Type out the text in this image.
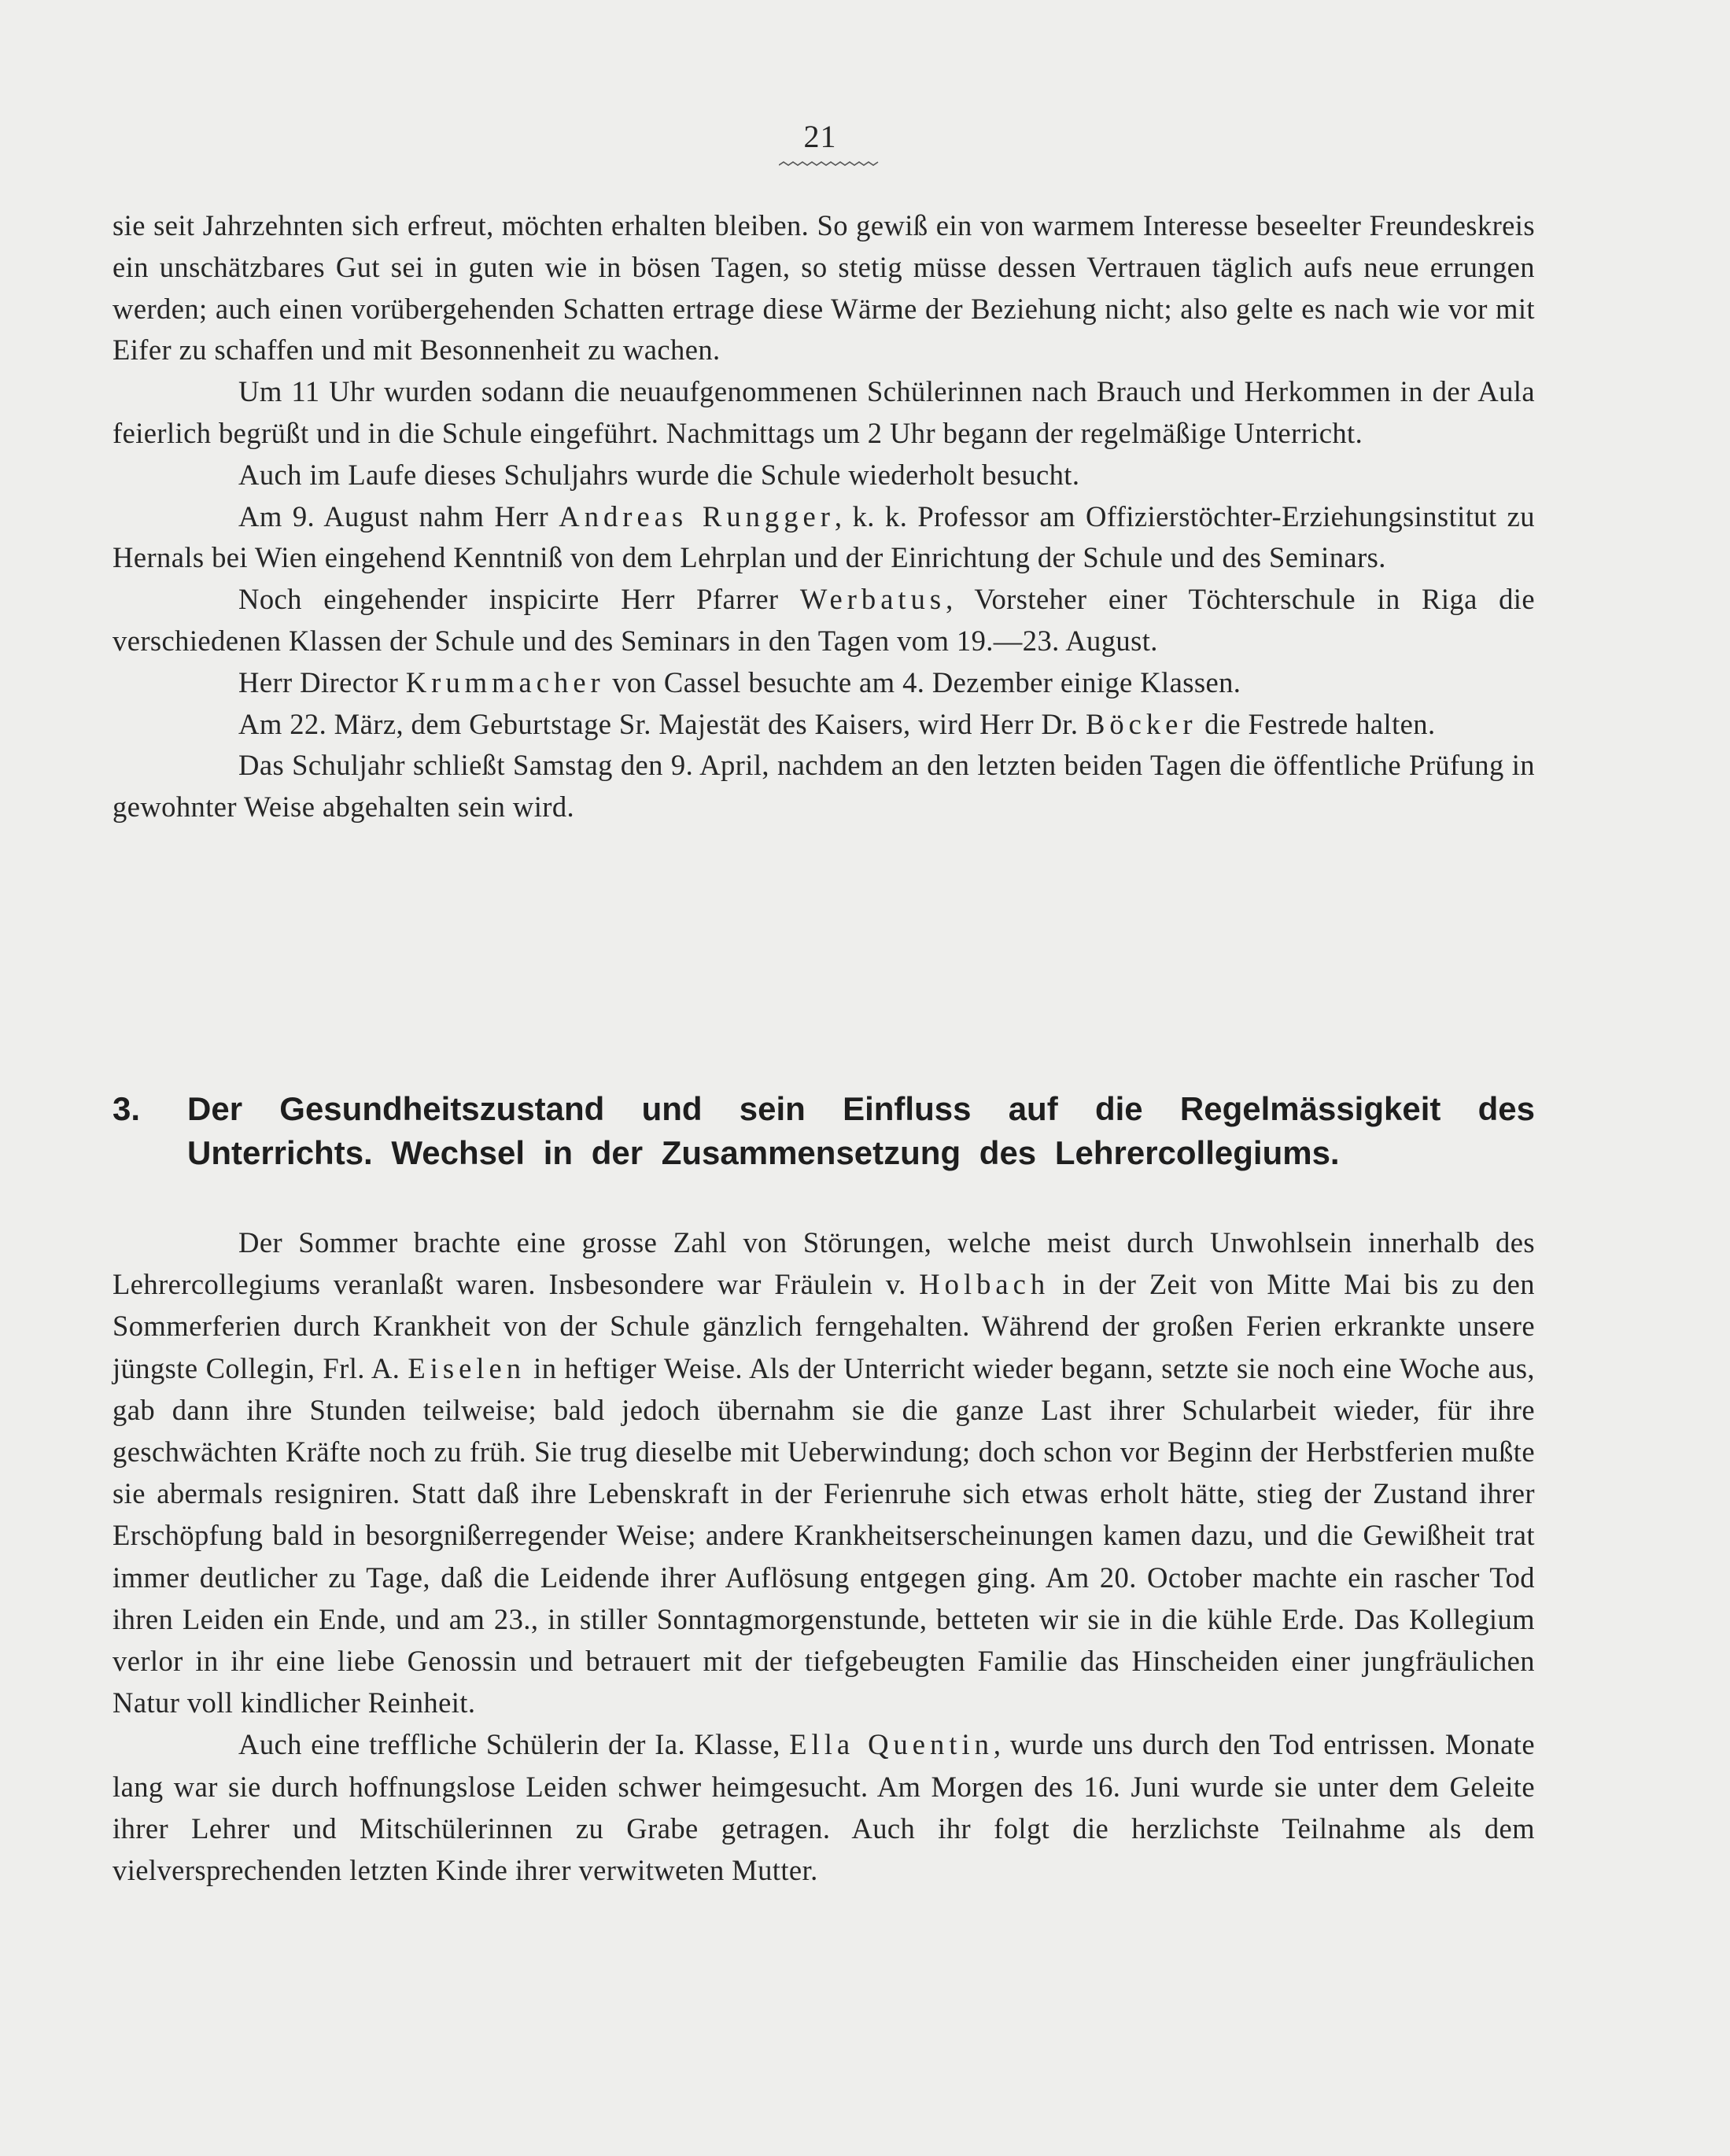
21

sie seit Jahrzehnten sich erfreut, möchten erhalten bleiben. So gewiß ein von warmem Interesse beseelter Freundeskreis ein unschätzbares Gut sei in guten wie in bösen Tagen, so stetig müsse dessen Vertrauen täglich aufs neue errungen werden; auch einen vorübergehenden Schatten ertrage diese Wärme der Beziehung nicht; also gelte es nach wie vor mit Eifer zu schaffen und mit Besonnenheit zu wachen.

Um 11 Uhr wurden sodann die neuaufgenommenen Schülerinnen nach Brauch und Herkommen in der Aula feierlich begrüßt und in die Schule eingeführt. Nachmittags um 2 Uhr begann der regelmäßige Unterricht.

Auch im Laufe dieses Schuljahrs wurde die Schule wiederholt besucht.

Am 9. August nahm Herr Andreas Rungger, k. k. Professor am Offizierstöchter-Erziehungsinstitut zu Hernals bei Wien eingehend Kenntniß von dem Lehrplan und der Einrichtung der Schule und des Seminars.

Noch eingehender inspicirte Herr Pfarrer Werbatus, Vorsteher einer Töchterschule in Riga die verschiedenen Klassen der Schule und des Seminars in den Tagen vom 19.—23. August.

Herr Director Krummacher von Cassel besuchte am 4. Dezember einige Klassen.

Am 22. März, dem Geburtstage Sr. Majestät des Kaisers, wird Herr Dr. Böcker die Festrede halten.

Das Schuljahr schließt Samstag den 9. April, nachdem an den letzten beiden Tagen die öffentliche Prüfung in gewohnter Weise abgehalten sein wird.

3. Der Gesundheitszustand und sein Einfluss auf die Regelmässigkeit des Unterrichts. Wechsel in der Zusammensetzung des Lehrercollegiums.

Der Sommer brachte eine grosse Zahl von Störungen, welche meist durch Unwohlsein innerhalb des Lehrercollegiums veranlaßt waren. Insbesondere war Fräulein v. Holbach in der Zeit von Mitte Mai bis zu den Sommerferien durch Krankheit von der Schule gänzlich ferngehalten. Während der großen Ferien erkrankte unsere jüngste Collegin, Frl. A. Eiselen in heftiger Weise. Als der Unterricht wieder begann, setzte sie noch eine Woche aus, gab dann ihre Stunden teilweise; bald jedoch übernahm sie die ganze Last ihrer Schularbeit wieder, für ihre geschwächten Kräfte noch zu früh. Sie trug dieselbe mit Ueberwindung; doch schon vor Beginn der Herbstferien mußte sie abermals resigniren. Statt daß ihre Lebenskraft in der Ferienruhe sich etwas erholt hätte, stieg der Zustand ihrer Erschöpfung bald in besorgnißerregender Weise; andere Krankheitserscheinungen kamen dazu, und die Gewißheit trat immer deutlicher zu Tage, daß die Leidende ihrer Auflösung entgegen ging. Am 20. October machte ein rascher Tod ihren Leiden ein Ende, und am 23., in stiller Sonntagmorgenstunde, betteten wir sie in die kühle Erde. Das Kollegium verlor in ihr eine liebe Genossin und betrauert mit der tiefgebeugten Familie das Hinscheiden einer jungfräulichen Natur voll kindlicher Reinheit.

Auch eine treffliche Schülerin der Ia. Klasse, Ella Quentin, wurde uns durch den Tod entrissen. Monate lang war sie durch hoffnungslose Leiden schwer heimgesucht. Am Morgen des 16. Juni wurde sie unter dem Geleite ihrer Lehrer und Mitschülerinnen zu Grabe getragen. Auch ihr folgt die herzlichste Teilnahme als dem vielversprechenden letzten Kinde ihrer verwitweten Mutter.
